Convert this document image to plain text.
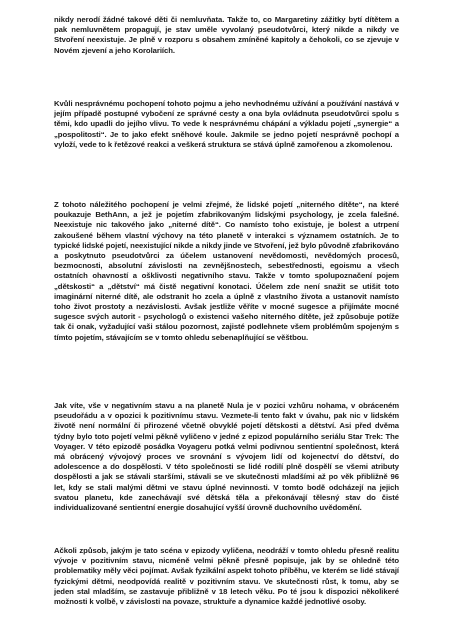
nikdy nerodí žádné takové děti či nemluvňata. Takže to, co Margaretiny zážitky bytí dítětem a pak nemluvnětem propagují, je stav uměle vyvolaný pseudotvůrci, který nikde a nikdy ve Stvoření neexistuje. Je plně v rozporu s obsahem zmíněné kapitoly a čehokoli, co se zjevuje v Novém zjevení a jeho Korolariích.

Kvůli nesprávnému pochopení tohoto pojmu a jeho nevhodnému užívání a používání nastává v jejím případě postupné vybočení ze správné cesty a ona byla ovládnuta pseudotvůrci spolu s těmi, kdo upadli do jejího vlivu. To vede k nesprávnému chápání a výkladu pojetí „synergie“ a „pospolitosti“. Je to jako efekt sněhové koule. Jakmile se jedno pojetí nesprávně pochopí a vyloží, vede to k řetězové reakci a veškerá struktura se stává úplně zamořenou a zkomolenou.

Z tohoto náležitého pochopení je velmi zřejmé, že lidské pojetí „niterného dítěte“, na které poukazuje BethAnn, a jež je pojetím zfabrikovaným lidskými psychology, je zcela falešné. Neexistuje nic takového jako „niterné dítě“. Co namísto toho existuje, je bolest a utrpení zakoušené během vlastní výchovy na této planetě v interakci s významem ostatních. Je to typické lidské pojetí, neexistující nikde a nikdy jinde ve Stvoření, jež bylo původně zfabrikováno a poskytnuto pseudotvůrci za účelem ustanovení nevědomosti, nevědomých procesů, bezmocnosti, absolutní závislosti na zevnějšnostech, sebestřednosti, egoismu a všech ostatních ohavností a ošklivosti negativního stavu. Takže v tomto spolupoznačení pojem „dětskosti“ a „dětství“ má čistě negativní konotaci. Účelem zde není snažit se utišit toto imaginární niterné dítě, ale odstranit ho zcela a úplně z vlastního života a ustanovit namísto toho život prostoty a nezávislosti. Avšak jestliže věříte v mocné sugesce a přijímáte mocné sugesce svých autorit - psychologů o existenci vašeho niterného dítěte, jež způsobuje potíže tak či onak, vyžadující vaši stálou pozornost, zajisté podlehnete všem problémům spojeným s tímto pojetím, stávajícím se v tomto ohledu sebenaplňující se věštbou.

Jak víte, vše v negativním stavu a na planetě Nula je v pozici vzhůru nohama, v obráceném pseudořádu a v opozici k pozitivnímu stavu. Vezmete-li tento fakt v úvahu, pak nic v lidském životě není normální či přirozené včetně obvyklé pojetí dětskosti a dětství. Asi před dvěma týdny bylo toto pojetí velmi pěkně vyličeno v jedné z epizod populárního seriálu Star Trek: The Voyager. V této epizodě posádka Voyageru potká velmi podivnou sentientní společnost, která má obrácený vývojový proces ve srovnání s vývojem lidí od kojenectví do dětství, do adolescence a do dospělosti. V této společnosti se lidé rodilí plně dospělí se všemi atributy dospělosti a jak se stávali staršími, stávali se ve skutečnosti mladšími až po věk přibližně 96 let, kdy se stali malými dětmi ve stavu úplné nevinnosti. V tomto bodě odcházejí na jejich svatou planetu, kde zanechávají své dětská těla a překonávají tělesný stav do čisté individualizované sentientní energie dosahující vyšší úrovně duchovního uvědomění.

Ačkoli způsob, jakým je tato scéna v epizody vyličena, neodráží v tomto ohledu přesně realitu vývoje v pozitivním stavu, nicméně velmi pěkně přesně popisuje, jak by se ohledně této problematiky měly věci pojímat. Avšak fyzikální aspekt tohoto příběhu, ve kterém se lidé stávají fyzickými dětmi, neodpovídá realitě v pozitivním stavu. Ve skutečnosti růst, k tomu, aby se jeden stal mladším, se zastavuje přibližně v 18 letech věku. Po té jsou k dispozici několikeré možnosti k volbě, v závislosti na povaze, struktuře a dynamice každé jednotlivé osoby.
